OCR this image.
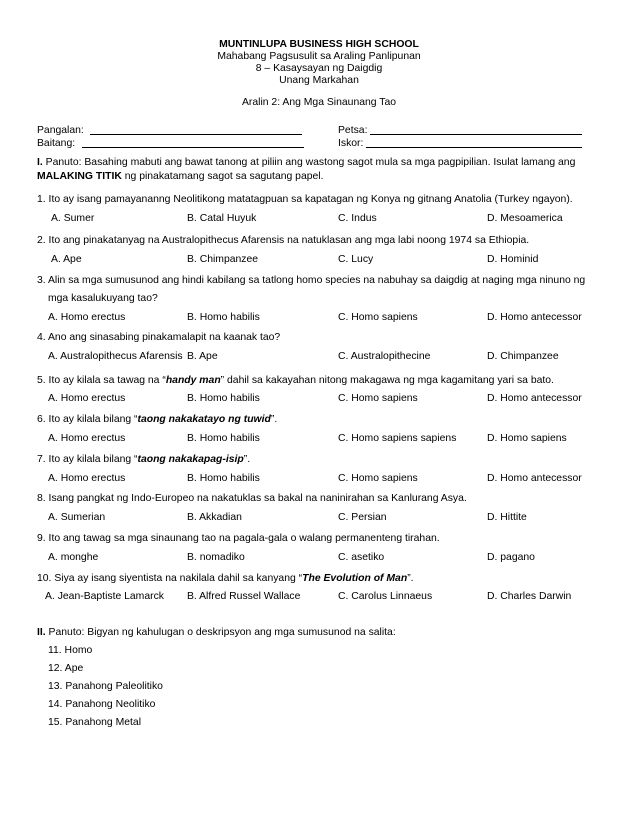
MUNTINLUPA BUSINESS HIGH SCHOOL
Mahabang Pagsusulit sa Araling Panlipunan
8 – Kasaysayan ng Daigdig
Unang Markahan
Aralin 2: Ang Mga Sinaunang Tao
Pangalan:
Baitang:
Petsa:
Iskor:
I. Panuto: Basahing mabuti ang bawat tanong at piliin ang wastong sagot mula sa mga pagpipilian. Isulat lamang ang MALAKING TITIK ng pinakatamang sagot sa sagutang papel.
1. Ito ay isang pamayananng Neolitikong matatagpuan sa kapatagan ng Konya ng gitnang Anatolia (Turkey ngayon).
A. Sumer	B. Catal Huyuk	C. Indus	D. Mesoamerica
2. Ito ang pinakatanyag na Australopithecus Afarensis na natuklasan ang mga labi noong 1974 sa Ethiopia.
A. Ape	B. Chimpanzee	C. Lucy	D. Hominid
3. Alin sa mga sumusunod ang hindi kabilang sa tatlong homo species na nabuhay sa daigdig at naging mga ninuno ng
mga kasalukuyang tao?
A. Homo erectus	B. Homo habilis	C. Homo sapiens	D. Homo antecessor
4. Ano ang sinasabing pinakamalapit na kaanak tao?
A. Australopithecus Afarensis B. Ape	C. Australopithecine	D. Chimpanzee
5. Ito ay kilala sa tawag na “handy man” dahil sa kakayahan nitong makagawa ng mga kagamitang yari sa bato.
A. Homo erectus	B. Homo habilis	C. Homo sapiens	D. Homo antecessor
6. Ito ay kilala bilang “taong nakakatayo ng tuwid”.
A. Homo erectus	B. Homo habilis	C. Homo sapiens sapiens	D. Homo sapiens
7. Ito ay kilala bilang “taong nakakapag-isip”.
A. Homo erectus	B. Homo habilis	C. Homo sapiens	D. Homo antecessor
8. Isang pangkat ng Indo-Europeo na nakatuklas sa bakal na naninirahan sa Kanlurang Asya.
A. Sumerian	B. Akkadian	C. Persian	D. Hittite
9. Ito ang tawag sa mga sinaunang tao na pagala-gala o walang permanenteng tirahan.
A. monghe	B. nomadiko	C. asetiko	D. pagano
10. Siya ay isang siyentista na nakilala dahil sa kanyang “The Evolution of Man”.
A. Jean-Baptiste Lamarck B. Alfred Russel Wallace	C. Carolus Linnaeus	D. Charles Darwin
II. Panuto: Bigyan ng kahulugan o deskripsyon ang mga sumusunod na salita:
11. Homo
12. Ape
13. Panahong Paleolitiko
14. Panahong Neolitiko
15. Panahong Metal
